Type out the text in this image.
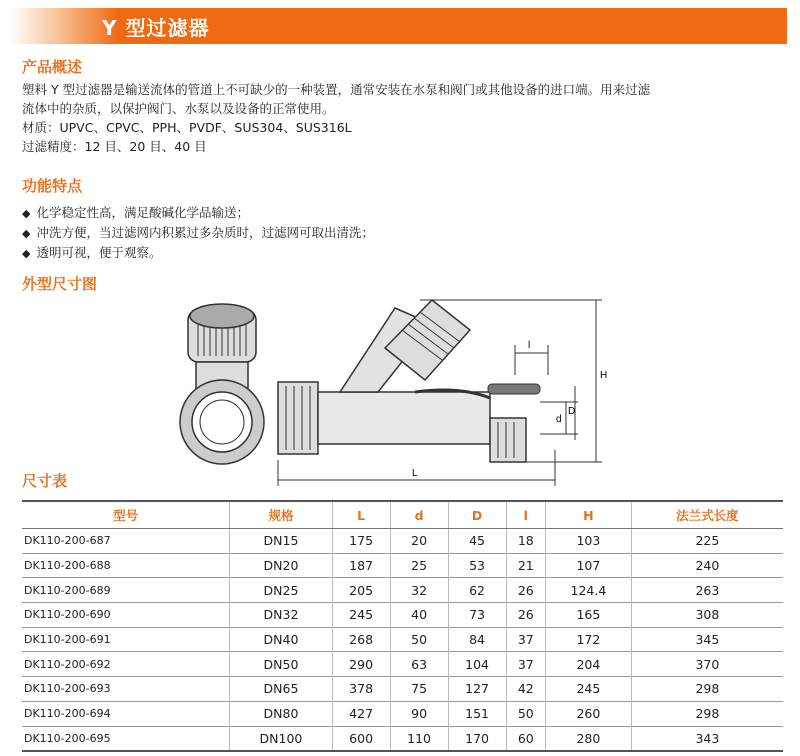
Y 型过滤器
产品概述
塑料 Y 型过滤器是输送流体的管道上不可缺少的一种装置，通常安装在水泵和阀门或其他设备的进口端。用来过滤
流体中的杂质，以保护阀门、水泵以及设备的正常使用。
材质：UPVC、CPVC、PPH、PVDF、SUS304、SUS316L
过滤精度：12 目、20 目、40 目
功能特点
◆ 化学稳定性高，满足酸碱化学品输送；
◆ 冲洗方便，当过滤网内积累过多杂质时，过滤网可取出清洗；
◆ 透明可视，便于观察。
外型尺寸图
H
L
l
d
D
尺寸表
型号	规格	L	d	D	l	H	法兰式长度
DK110-200-687	DN15	175	20	45	18	103	225
DK110-200-688	DN20	187	25	53	21	107	240
DK110-200-689	DN25	205	32	62	26	124.4	263
DK110-200-690	DN32	245	40	73	26	165	308
DK110-200-691	DN40	268	50	84	37	172	345
DK110-200-692	DN50	290	63	104	37	204	370
DK110-200-693	DN65	378	75	127	42	245	298
DK110-200-694	DN80	427	90	151	50	260	298
DK110-200-695	DN100	600	110	170	60	280	343
